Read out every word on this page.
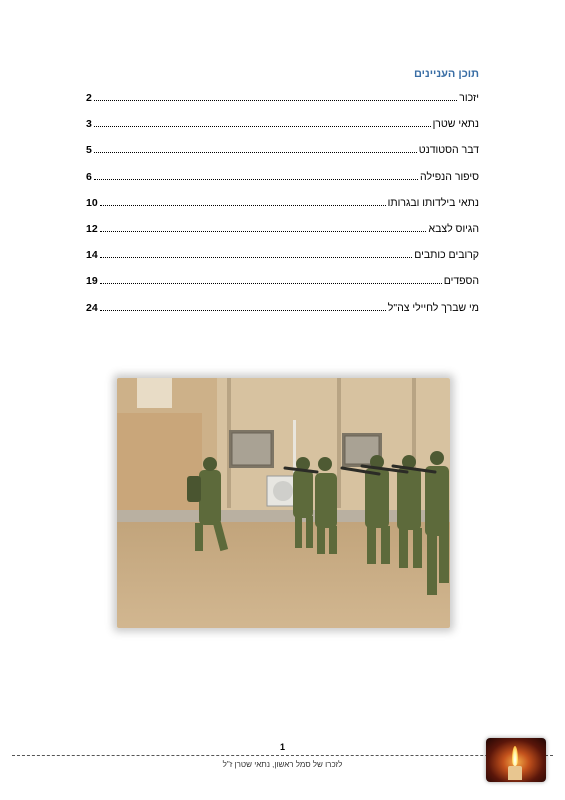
תוכן העניינים
2	יזכור
3	נתאי שטרן
5	דבר הסטודנט
6	סיפור הנפילה
10	נתאי בילדותו ובגרותו
12	הגיוס לצבא
14	קרובים כותבים
19	הספדים
24	מי שברך לחיילי צה"ל
1
לזכרו של סמל ראשון, נתאי שטרן ז"ל
